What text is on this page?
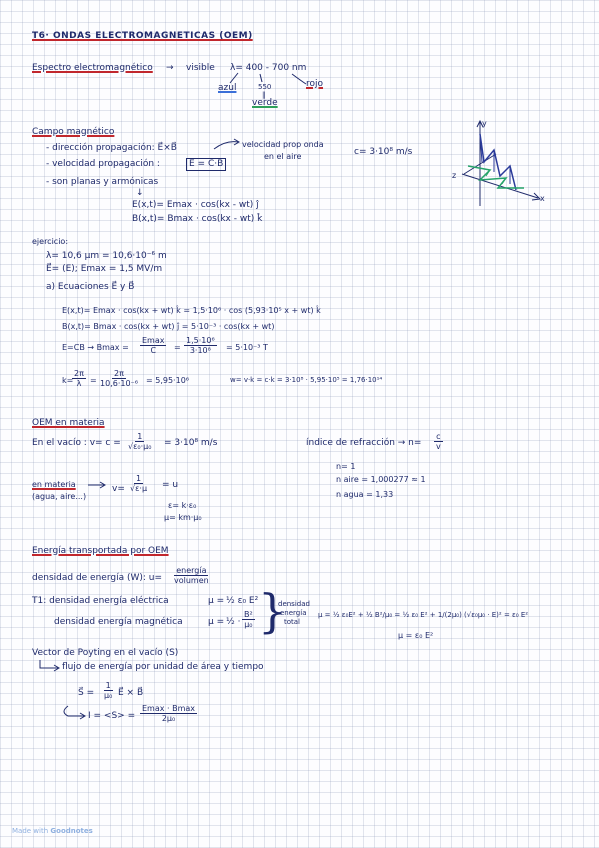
T6· ONDAS ELECTROMAGNETICAS (OEM)
Espectro electromagnético → visible λ= 400 - 700 nm
azul	550
‖
verde
rojo
Campo magnético
- dirección propagación: E⃗×B⃗	velocidad prop onda
en el aire	c= 3·10⁸ m/s
- velocidad propagación :	E = C·B
- son planas y armónicas
↓
E(x,t)= Emax · cos(kx - wt) ĵ
B(x,t)= Bmax · cos(kx - wt) k̂
y
z
x
ejercicio:
λ= 10,6 μm = 10,6·10⁻⁶ m
E⃗= (E); Emax = 1,5 MV/m
a) Ecuaciones E⃗ y B⃗
E(x,t)= Emax · cos(kx + wt) k̂ = 1,5·10⁶ · cos (5,93·10⁵ x + wt) k̂
B(x,t)= Bmax · cos(kx + wt) ĵ = 5·10⁻³ · cos(kx + wt)
E=CB → Bmax =
Emax
$C = \frac{\text{1,5·10⁶}}{\text{3·10⁸}} = 5\cdot 10^{-3}$ T
k=
$\frac{2\pi}{\lambda} = \frac{2\pi}{\text{10,6·10⁻⁶}} = 5,95\cdot 10^6$	w= v·k = c·k = 3·10⁸ · 5,95·10⁵ = 1,76·10¹⁴
OEM en materia
En el vacío : $v= c = \frac{1}{\text{√ε₀·μ₀}} = 3\cdot 10^8$ m/s	índice de refracción → $n= \frac{c}{v}$
n= 1
n aire = 1,000277 ≈ 1
n agua = 1,33
en materia
(agua, aire...)
$v= \frac{1}{√\varepsilon\cdot\mu} = u$
ε= k·ε₀
μ= km·μ₀
Energía transportada por OEM
densidad de energía (W): u=
energía
volumen
T1: densidad energía eléctrica	μ = ½ ε₀ E²
densidad energía magnética	μ = ½ · $\frac{\text{B²}}{\text{μ₀}}$ }
densidad
energía
total
μ = ½ ε₀E² + ½ B²/μ₀ = ½ ε₀ E² + 1/(2μ₀) (√ε₀μ₀ · E)² = ε₀ E²
μ = ε₀ E²
Vector de Poyting en el vacío (S)
flujo de energía por unidad de área y tiempo
S⃗ = $\frac{1}{\text{μ₀}}$ E⃗ × B⃗
I = <S> =
Emax · Bmax
2μ₀
Made with Goodnotes
